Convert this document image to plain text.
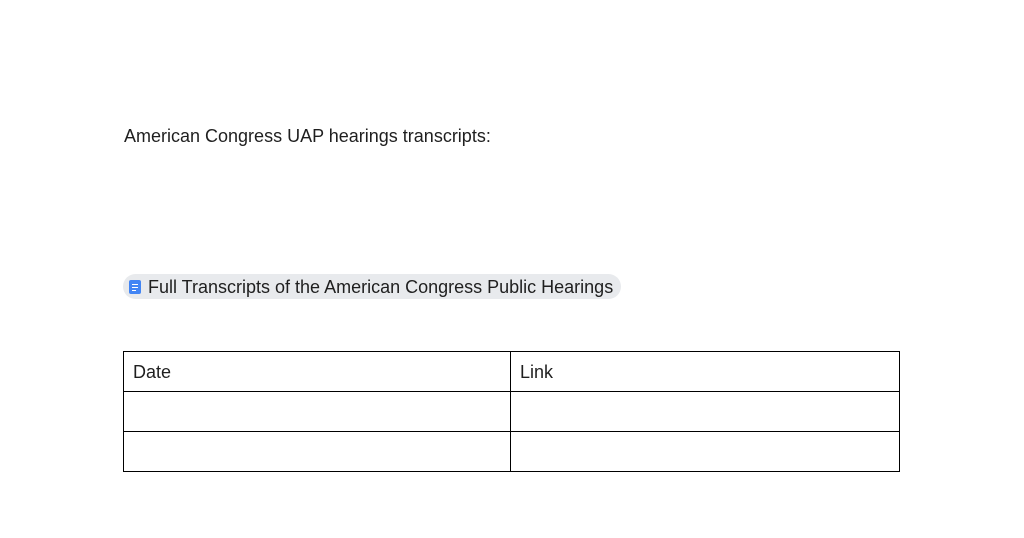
American Congress UAP hearings transcripts:
Full Transcripts of the American Congress Public Hearings
Date	Link
